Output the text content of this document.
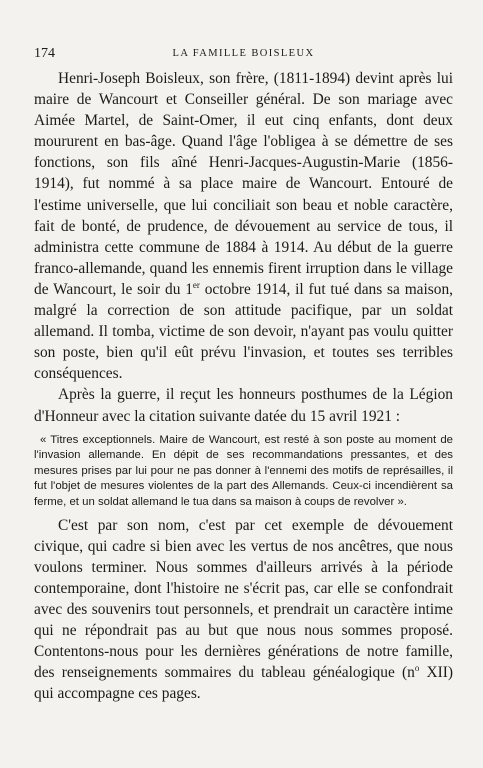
174	LA FAMILLE BOISLEUX

Henri-Joseph Boisleux, son frère, (1811-1894) devint après lui maire de Wancourt et Conseiller général. De son mariage avec Aimée Martel, de Saint-Omer, il eut cinq enfants, dont deux moururent en bas-âge. Quand l'âge l'obligea à se démettre de ses fonctions, son fils aîné Henri-Jacques-Augustin-Marie (1856-1914), fut nommé à sa place maire de Wancourt. Entouré de l'estime universelle, que lui conciliait son beau et noble caractère, fait de bonté, de prudence, de dévouement au service de tous, il administra cette commune de 1884 à 1914. Au début de la guerre franco-allemande, quand les ennemis firent irruption dans le village de Wancourt, le soir du 1er octobre 1914, il fut tué dans sa maison, malgré la correction de son attitude pacifique, par un soldat allemand. Il tomba, victime de son devoir, n'ayant pas voulu quitter son poste, bien qu'il eût prévu l'invasion, et toutes ses terribles conséquences.

Après la guerre, il reçut les honneurs posthumes de la Légion d'Honneur avec la citation suivante datée du 15 avril 1921 :

« Titres exceptionnels. Maire de Wancourt, est resté à son poste au moment de l'invasion allemande. En dépit de ses recommandations pressantes, et des mesures prises par lui pour ne pas donner à l'ennemi des motifs de représailles, il fut l'objet de mesures violentes de la part des Allemands. Ceux-ci incendièrent sa ferme, et un soldat allemand le tua dans sa maison à coups de revolver ».

C'est par son nom, c'est par cet exemple de dévouement civique, qui cadre si bien avec les vertus de nos ancêtres, que nous voulons terminer. Nous sommes d'ailleurs arrivés à la période contemporaine, dont l'histoire ne s'écrit pas, car elle se confondrait avec des souvenirs tout personnels, et prendrait un caractère intime qui ne répondrait pas au but que nous nous sommes proposé. Contentons-nous pour les dernières générations de notre famille, des renseignements sommaires du tableau généalogique ($n^o$ XII) qui accompagne ces pages.
